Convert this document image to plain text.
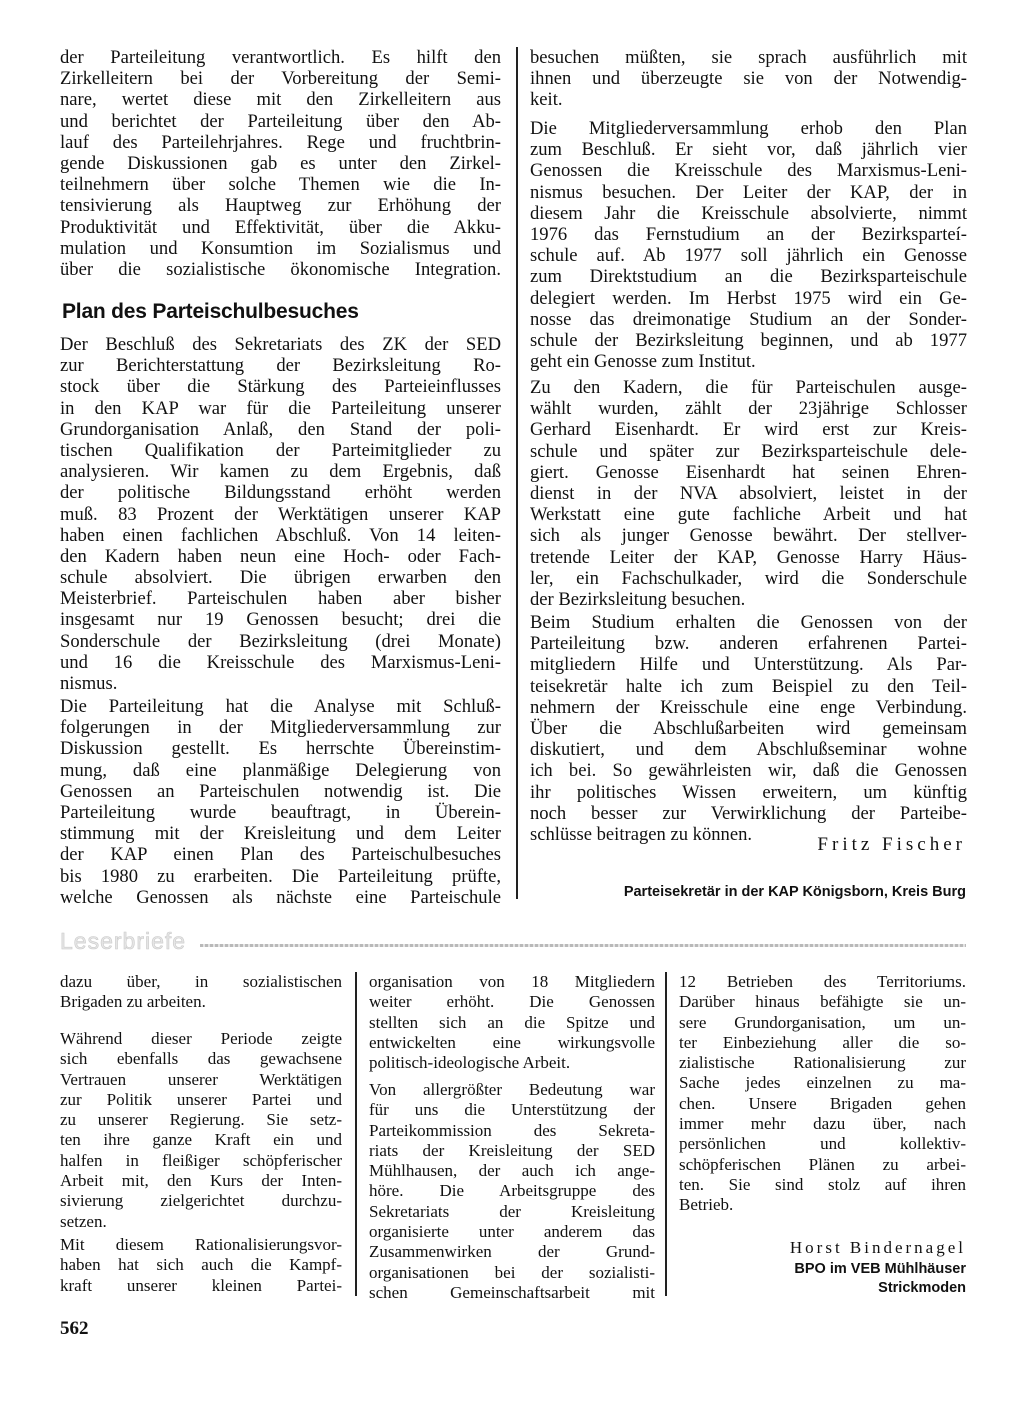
der Parteileitung verantwortlich. Es hilft den
Zirkelleitern bei der Vorbereitung der Semi-
nare, wertet diese mit den Zirkelleitern aus
und berichtet der Parteileitung über den Ab-
lauf des Parteilehrjahres. Rege und fruchtbrin-
gende Diskussionen gab es unter den Zirkel-
teilnehmern über solche Themen wie die In-
tensivierung als Hauptweg zur Erhöhung der
Produktivität und Effektivität, über die Akku-
mulation und Konsumtion im Sozialismus und
über die sozialistische ökonomische Integration.
Plan des Parteischulbesuches
Der Beschluß des Sekretariats des ZK der SED
zur Berichterstattung der Bezirksleitung Ro-
stock über die Stärkung des Parteieinflusses
in den KAP war für die Parteileitung unserer
Grundorganisation Anlaß, den Stand der poli-
tischen Qualifikation der Parteimitglieder zu
analysieren. Wir kamen zu dem Ergebnis, daß
der politische Bildungsstand erhöht werden
muß. 83 Prozent der Werktätigen unserer KAP
haben einen fachlichen Abschluß. Von 14 leiten-
den Kadern haben neun eine Hoch- oder Fach-
schule absolviert. Die übrigen erwarben den
Meisterbrief. Parteischulen haben aber bisher
insgesamt nur 19 Genossen besucht; drei die
Sonderschule der Bezirksleitung (drei Monate)
und 16 die Kreisschule des Marxismus-Leni-
nismus.
Die Parteileitung hat die Analyse mit Schluß-
folgerungen in der Mitgliederversammlung zur
Diskussion gestellt. Es herrschte Übereinstim-
mung, daß eine planmäßige Delegierung von
Genossen an Parteischulen notwendig ist. Die
Parteileitung wurde beauftragt, in Überein-
stimmung mit der Kreisleitung und dem Leiter
der KAP einen Plan des Parteischulbesuches
bis 1980 zu erarbeiten. Die Parteileitung prüfte,
welche Genossen als nächste eine Parteischule
besuchen müßten, sie sprach ausführlich mit
ihnen und überzeugte sie von der Notwendig-
keit.
Die Mitgliederversammlung erhob den Plan
zum Beschluß. Er sieht vor, daß jährlich vier
Genossen die Kreisschule des Marxismus-Leni-
nismus besuchen. Der Leiter der KAP, der in
diesem Jahr die Kreisschule absolvierte, nimmt
1976 das Fernstudium an der Bezirksparteí-
schule auf. Ab 1977 soll jährlich ein Genosse
zum Direktstudium an die Bezirksparteischule
delegiert werden. Im Herbst 1975 wird ein Ge-
nosse das dreimonatige Studium an der Sonder-
schule der Bezirksleitung beginnen, und ab 1977
geht ein Genosse zum Institut.
Zu den Kadern, die für Parteischulen ausge-
wählt wurden, zählt der 23jährige Schlosser
Gerhard Eisenhardt. Er wird erst zur Kreis-
schule und später zur Bezirksparteischule dele-
giert. Genosse Eisenhardt hat seinen Ehren-
dienst in der NVA absolviert, leistet in der
Werkstatt eine gute fachliche Arbeit und hat
sich als junger Genosse bewährt. Der stellver-
tretende Leiter der KAP, Genosse Harry Häus-
ler, ein Fachschulkader, wird die Sonderschule
der Bezirksleitung besuchen.
Beim Studium erhalten die Genossen von der
Parteileitung bzw. anderen erfahrenen Partei-
mitgliedern Hilfe und Unterstützung. Als Par-
teisekretär halte ich zum Beispiel zu den Teil-
nehmern der Kreisschule eine enge Verbindung.
Über die Abschlußarbeiten wird gemeinsam
diskutiert, und dem Abschlußseminar wohne
ich bei. So gewährleisten wir, daß die Genossen
ihr politisches Wissen erweitern, um künftig
noch besser zur Verwirklichung der Parteibe-
schlüsse beitragen zu können.	Fritz Fischer
Parteisekretär in der KAP Königsborn, Kreis Burg
Leserbriefe
dazu über, in sozialistischen
Brigaden zu arbeiten.
Während dieser Periode zeigte
sich ebenfalls das gewachsene
Vertrauen unserer Werktätigen
zur Politik unserer Partei und
zu unserer Regierung. Sie setz-
ten ihre ganze Kraft ein und
halfen in fleißiger schöpferischer
Arbeit mit, den Kurs der Inten-
sivierung zielgerichtet durchzu-
setzen.
Mit diesem Rationalisierungsvor-
haben hat sich auch die Kampf-
kraft unserer kleinen Partei-
organisation von 18 Mitgliedern
weiter erhöht. Die Genossen
stellten sich an die Spitze und
entwickelten eine wirkungsvolle
politisch-ideologische Arbeit.
Von allergrößter Bedeutung war
für uns die Unterstützung der
Parteikommission des Sekreta-
riats der Kreisleitung der SED
Mühlhausen, der auch ich ange-
höre. Die Arbeitsgruppe des
Sekretariats der Kreisleitung
organisierte unter anderem das
Zusammenwirken der Grund-
organisationen bei der sozialisti-
schen Gemeinschaftsarbeit mit
12 Betrieben des Territoriums.
Darüber hinaus befähigte sie un-
sere Grundorganisation, um un-
ter Einbeziehung aller die so-
zialistische Rationalisierung zur
Sache jedes einzelnen zu ma-
chen. Unsere Brigaden gehen
immer mehr dazu über, nach
persönlichen und kollektiv-
schöpferischen Plänen zu arbei-
ten. Sie sind stolz auf ihren
Betrieb.
Horst Bindernagel
BPO im VEB Mühlhäuser
Strickmoden
562
